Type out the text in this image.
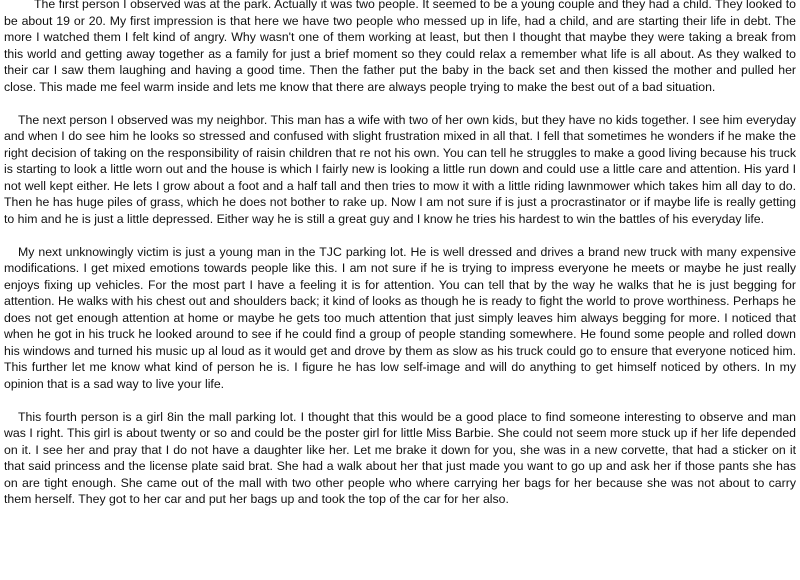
The first person I observed was at the park. Actually it was two people. It seemed to be a young couple and they had a child. They looked to be about 19 or 20. My first impression is that here we have two people who messed up in life, had a child, and are starting their life in debt. The more I watched them I felt kind of angry. Why wasn't one of them working at least, but then I thought that maybe they were taking a break from this world and getting away together as a family for just a brief moment so they could relax a remember what life is all about. As they walked to their car I saw them laughing and having a good time. Then the father put the baby in the back set and then kissed the mother and pulled her close. This made me feel warm inside and lets me know that there are always people trying to make the best out of a bad situation.

The next person I observed was my neighbor. This man has a wife with two of her own kids, but they have no kids together. I see him everyday and when I do see him he looks so stressed and confused with slight frustration mixed in all that. I fell that sometimes he wonders if he make the right decision of taking on the responsibility of raisin children that re not his own. You can tell he struggles to make a good living because his truck is starting to look a little worn out and the house is which I fairly new is looking a little run down and could use a little care and attention. His yard I not well kept either. He lets I grow about a foot and a half tall and then tries to mow it with a little riding lawnmower which takes him all day to do. Then he has huge piles of grass, which he does not bother to rake up. Now I am not sure if is just a procrastinator or if maybe life is really getting to him and he is just a little depressed. Either way he is still a great guy and I know he tries his hardest to win the battles of his everyday life.

My next unknowingly victim is just a young man in the TJC parking lot. He is well dressed and drives a brand new truck with many expensive modifications. I get mixed emotions towards people like this. I am not sure if he is trying to impress everyone he meets or maybe he just really enjoys fixing up vehicles. For the most part I have a feeling it is for attention. You can tell that by the way he walks that he is just begging for attention. He walks with his chest out and shoulders back; it kind of looks as though he is ready to fight the world to prove worthiness. Perhaps he does not get enough attention at home or maybe he gets too much attention that just simply leaves him always begging for more. I noticed that when he got in his truck he looked around to see if he could find a group of people standing somewhere. He found some people and rolled down his windows and turned his music up al loud as it would get and drove by them as slow as his truck could go to ensure that everyone noticed him. This further let me know what kind of person he is. I figure he has low self-image and will do anything to get himself noticed by others. In my opinion that is a sad way to live your life.

This fourth person is a girl 8in the mall parking lot. I thought that this would be a good place to find someone interesting to observe and man was I right. This girl is about twenty or so and could be the poster girl for little Miss Barbie. She could not seem more stuck up if her life depended on it. I see her and pray that I do not have a daughter like her. Let me brake it down for you, she was in a new corvette, that had a sticker on it that said princess and the license plate said brat. She had a walk about her that just made you want to go up and ask her if those pants she has on are tight enough. She came out of the mall with two other people who where carrying her bags for her because she was not about to carry them herself. They got to her car and put her bags up and took the top of the car for her also.
